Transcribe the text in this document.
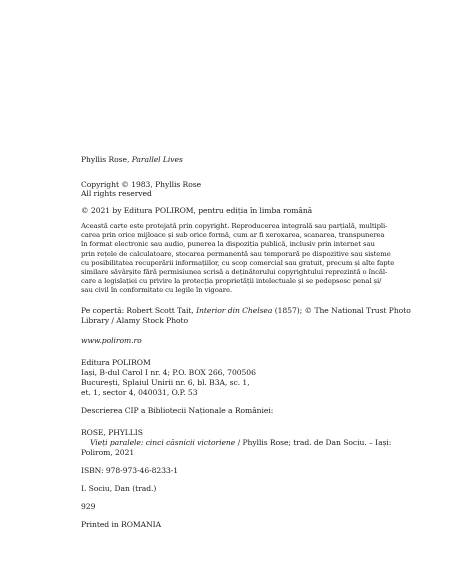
Phyllis Rose, Parallel Lives
Copyright © 1983, Phyllis Rose
All rights reserved
© 2021 by Editura POLIROM, pentru ediția în limba română
Această carte este protejată prin copyright. Reproducerea integrală sau parțială, multipli-
carea prin orice mijloace și sub orice formă, cum ar fi xeroxarea, scanarea, transpunerea
în format electronic sau audio, punerea la dispoziția publică, inclusiv prin internet sau
prin rețele de calculatoare, stocarea permanentă sau temporară pe dispozitive sau sisteme
cu posibilitatea recuperării informațiilor, cu scop comercial sau gratuit, precum și alte fapte
similare săvârșite fără permisiunea scrisă a deținătorului copyrightului reprezintă o încăl-
care a legislației cu privire la protecția proprietății intelectuale și se pedepsesc penal și/
sau civil în conformitate cu legile în vigoare.
Pe copertă: Robert Scott Tait, Interior din Chelsea (1857); © The National Trust Photo
Library / Alamy Stock Photo
www.polirom.ro
Editura POLIROM
Iași, B-dul Carol I nr. 4; P.O. BOX 266, 700506
București, Splaiul Unirii nr. 6, bl. B3A, sc. 1,
et. 1, sector 4, 040031, O.P. 53
Descrierea CIP a Bibliotecii Naționale a României:
ROSE, PHYLLIS
Vieți paralele: cinci căsnicii victoriene / Phyllis Rose; trad. de Dan Sociu. – Iași:
Polirom, 2021
ISBN: 978-973-46-8233-1
I. Sociu, Dan (trad.)
929
Printed in ROMANIA
